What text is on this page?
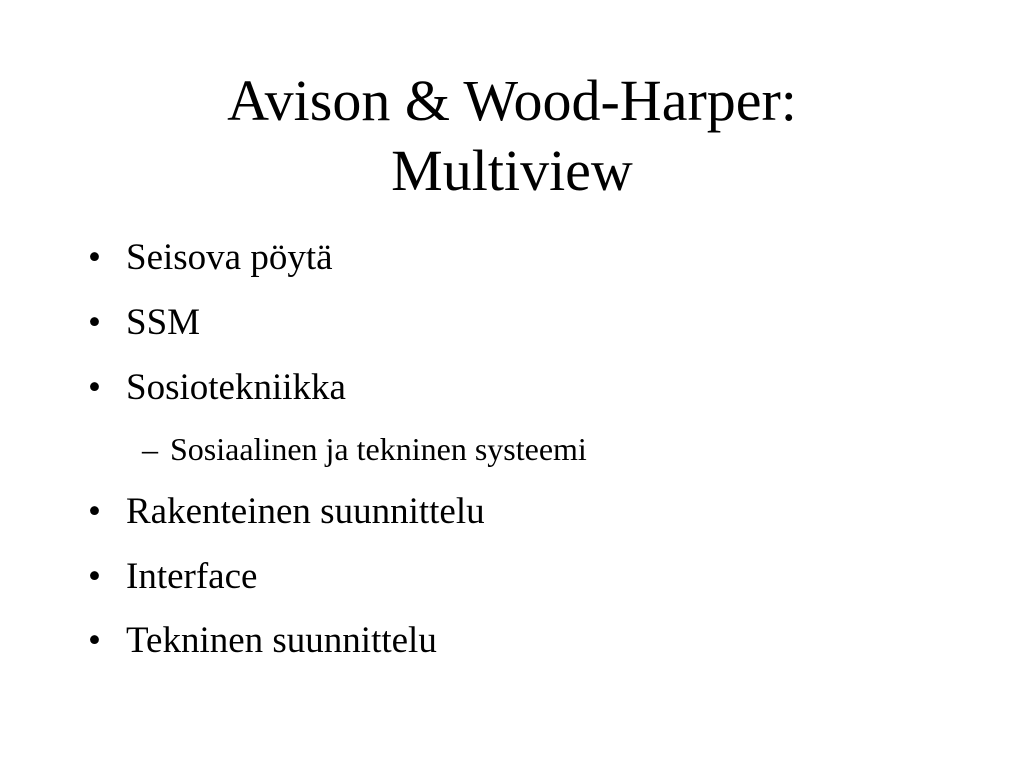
Avison & Wood-Harper:
Multiview
• Seisova pöytä
• SSM
• Sosiotekniikka
– Sosiaalinen ja tekninen systeemi
• Rakenteinen suunnittelu
• Interface
• Tekninen suunnittelu
